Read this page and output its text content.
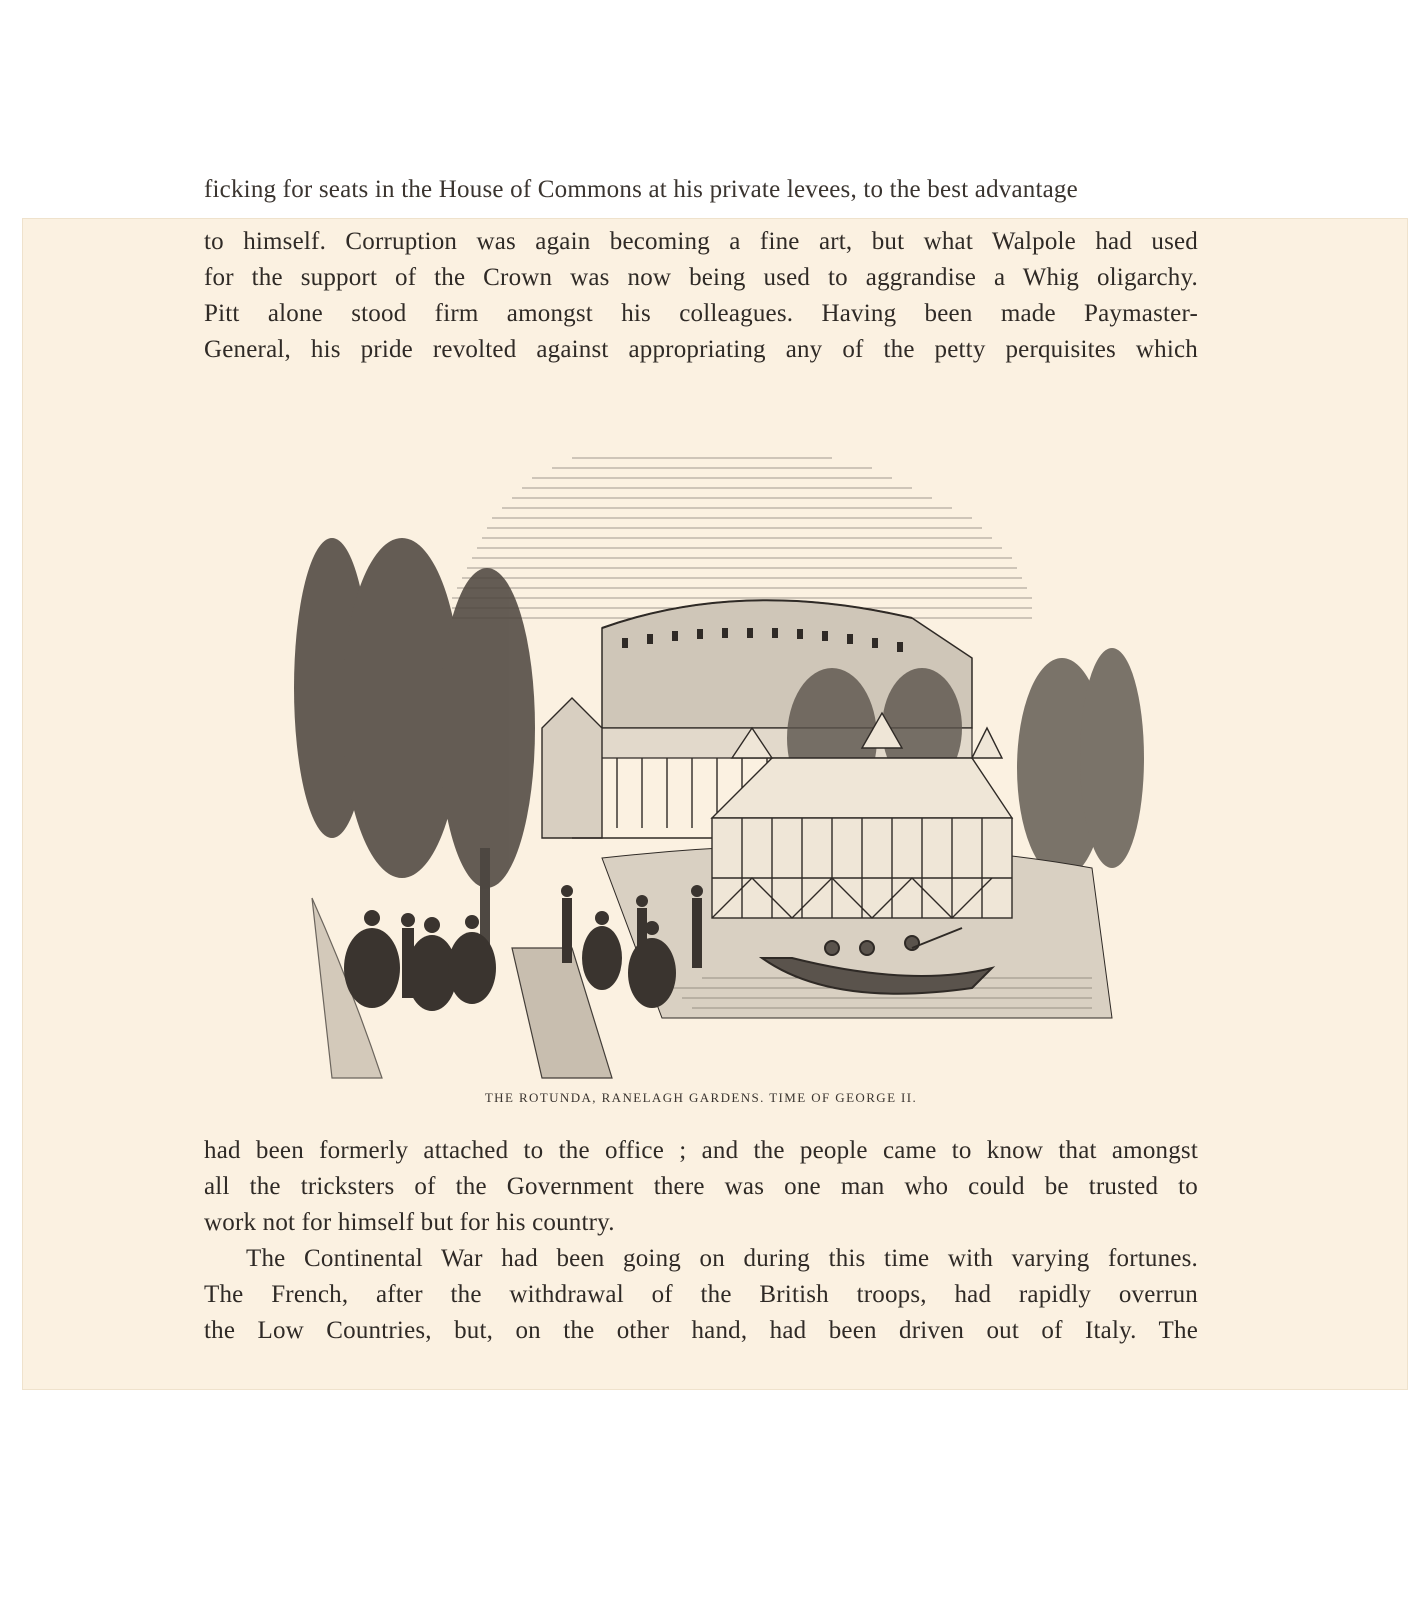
ficking for seats in the House of Commons at his private levees, to the best advantage
to himself. Corruption was again becoming a fine art, but what Walpole had used
for the support of the Crown was now being used to aggrandise a Whig oligarchy.
Pitt alone stood firm amongst his colleagues. Having been made Paymaster-
General, his pride revolted against appropriating any of the petty perquisites which
THE ROTUNDA, RANELAGH GARDENS. TIME OF GEORGE II.
had been formerly attached to the office ; and the people came to know that amongst
all the tricksters of the Government there was one man who could be trusted to
work not for himself but for his country.
The Continental War had been going on during this time with varying fortunes.
The French, after the withdrawal of the British troops, had rapidly overrun
the Low Countries, but, on the other hand, had been driven out of Italy. The
